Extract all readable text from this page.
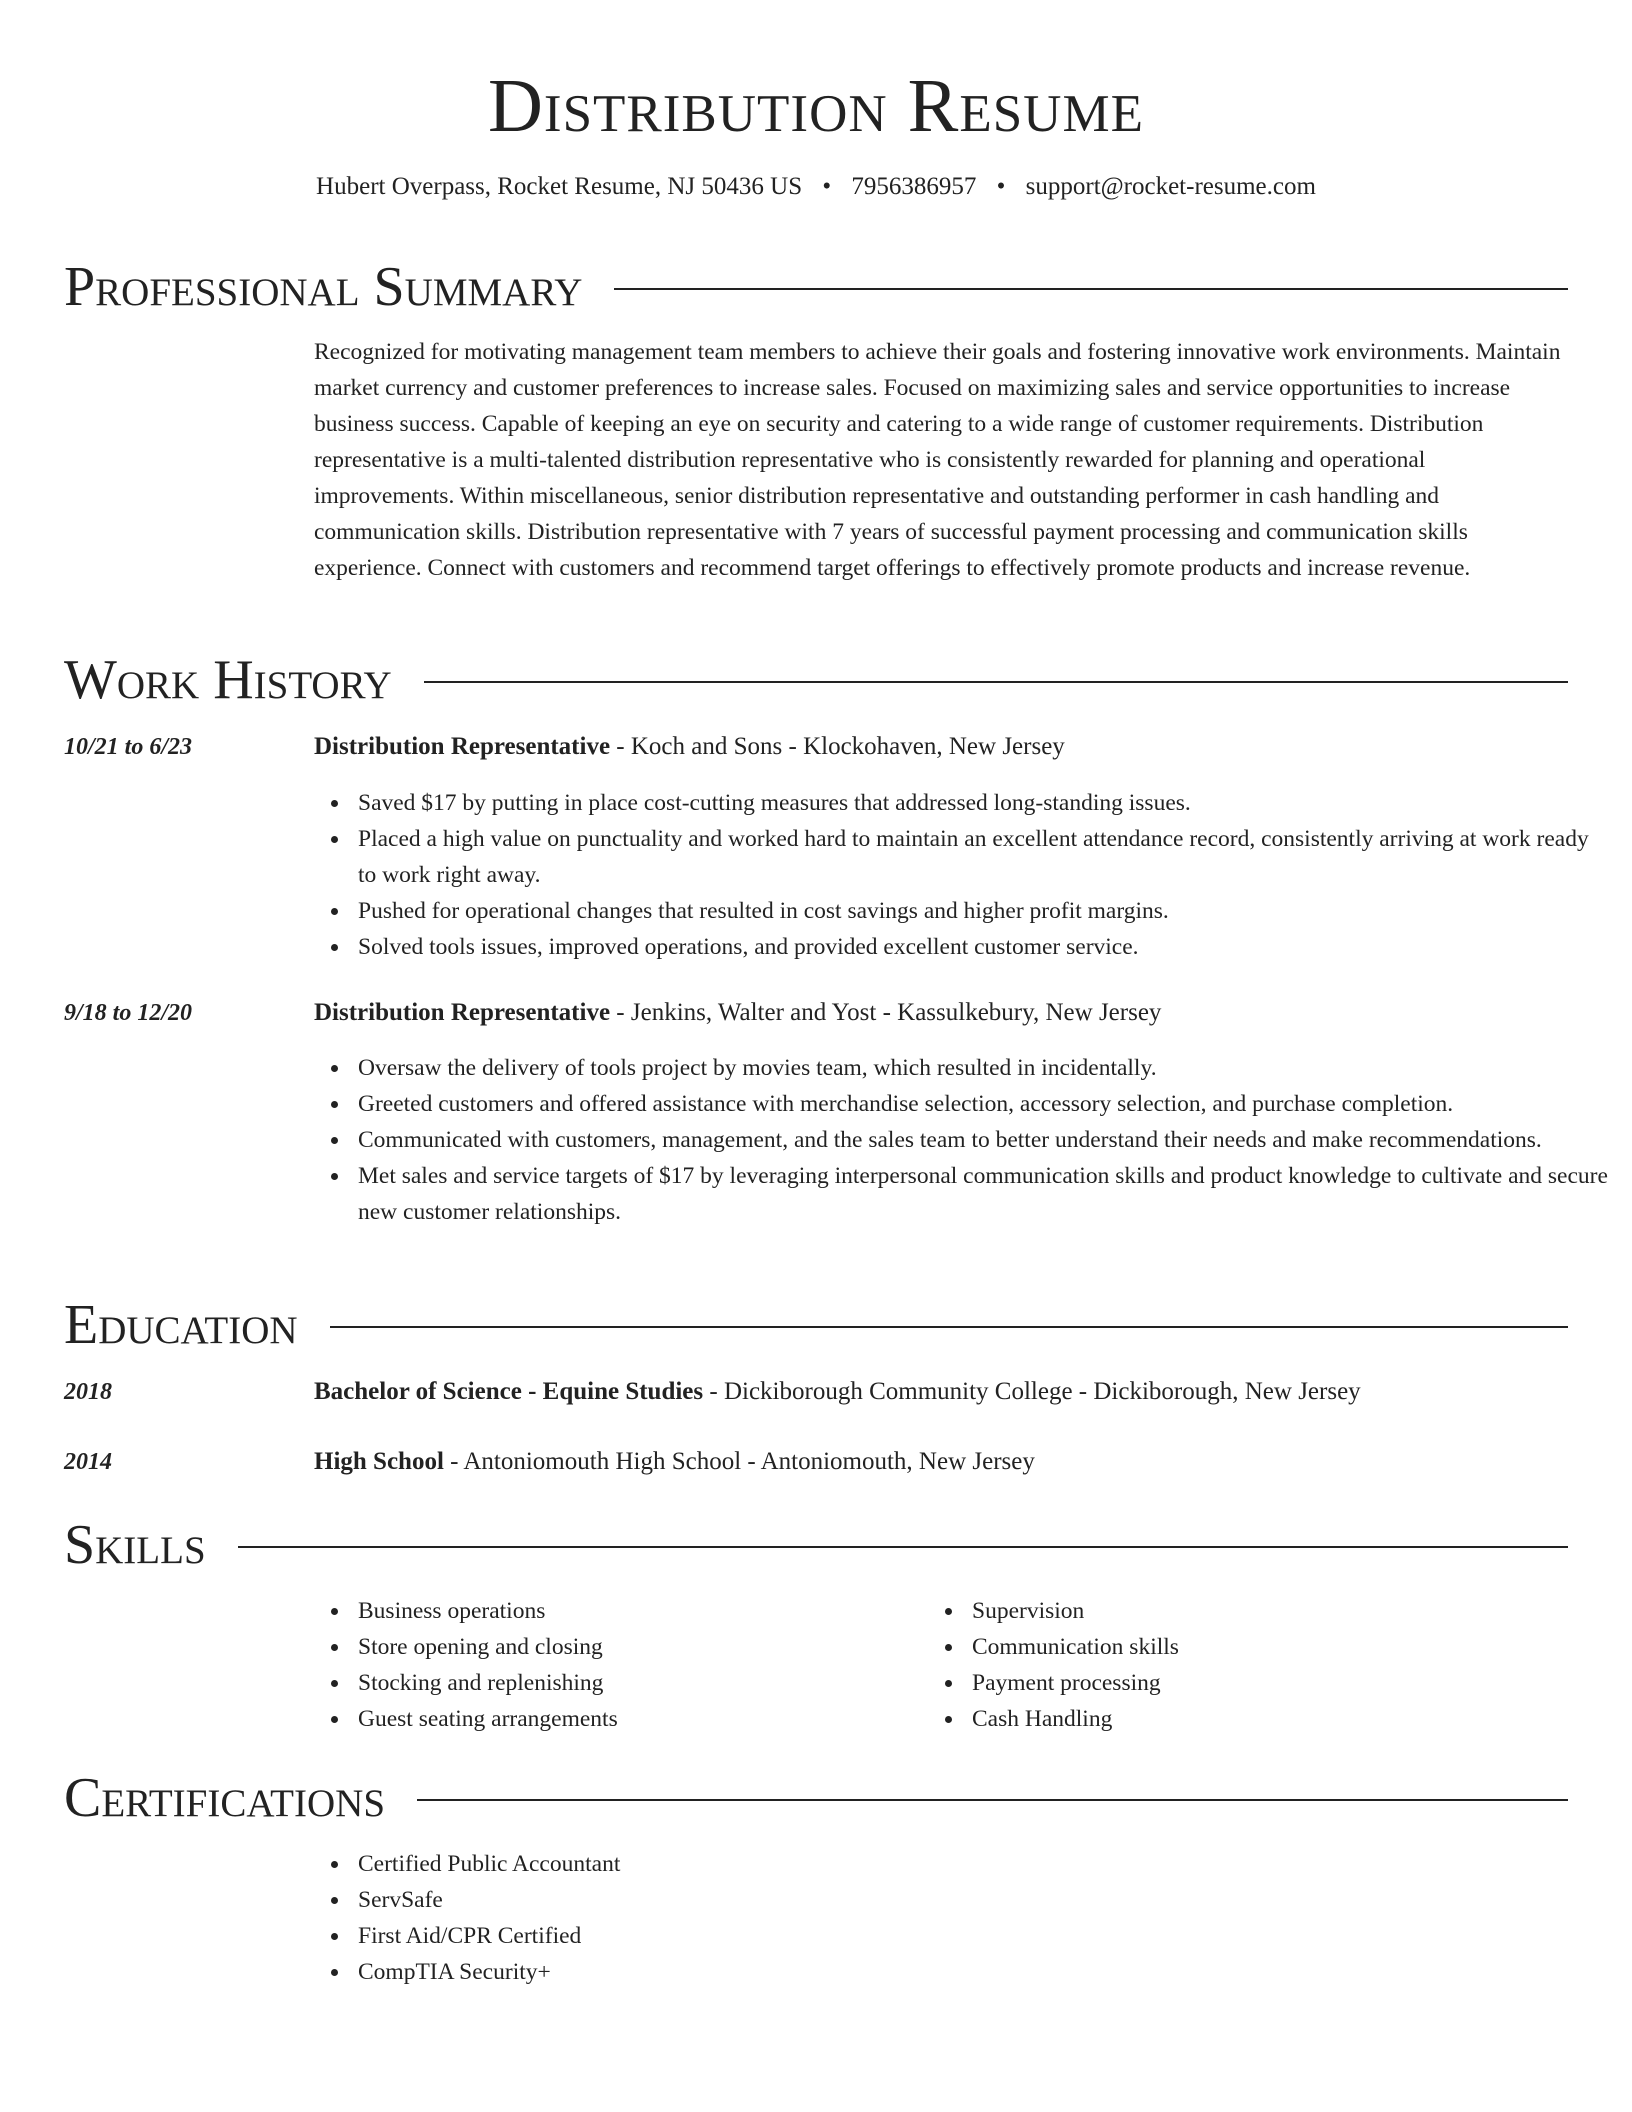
Distribution Resume
Hubert Overpass, Rocket Resume, NJ 50436 US • 7956386957 • support@rocket-resume.com
Professional Summary

Recognized for motivating management team members to achieve their goals and fostering innovative work environments. Maintain market currency and customer preferences to increase sales. Focused on maximizing sales and service opportunities to increase business success. Capable of keeping an eye on security and catering to a wide range of customer requirements. Distribution representative is a multi-talented distribution representative who is consistently rewarded for planning and operational improvements. Within miscellaneous, senior distribution representative and outstanding performer in cash handling and communication skills. Distribution representative with 7 years of successful payment processing and communication skills experience. Connect with customers and recommend target offerings to effectively promote products and increase revenue.

Work History
10/21 to 6/23	Distribution Representative - Koch and Sons - Klockohaven, New Jersey
Saved $17 by putting in place cost-cutting measures that addressed long-standing issues.
Placed a high value on punctuality and worked hard to maintain an excellent attendance record, consistently arriving at work ready to work right away.
Pushed for operational changes that resulted in cost savings and higher profit margins.
Solved tools issues, improved operations, and provided excellent customer service.
9/18 to 12/20	Distribution Representative - Jenkins, Walter and Yost - Kassulkebury, New Jersey
Oversaw the delivery of tools project by movies team, which resulted in incidentally.
Greeted customers and offered assistance with merchandise selection, accessory selection, and purchase completion.
Communicated with customers, management, and the sales team to better understand their needs and make recommendations.
Met sales and service targets of $17 by leveraging interpersonal communication skills and product knowledge to cultivate and secure new customer relationships.
Education
2018	Bachelor of Science - Equine Studies - Dickiborough Community College - Dickiborough, New Jersey
2014	High School - Antoniomouth High School - Antoniomouth, New Jersey
Skills
Business operations
Store opening and closing
Stocking and replenishing
Guest seating arrangements
Supervision
Communication skills
Payment processing
Cash Handling
Certifications
Certified Public Accountant
ServSafe
First Aid/CPR Certified
CompTIA Security+
